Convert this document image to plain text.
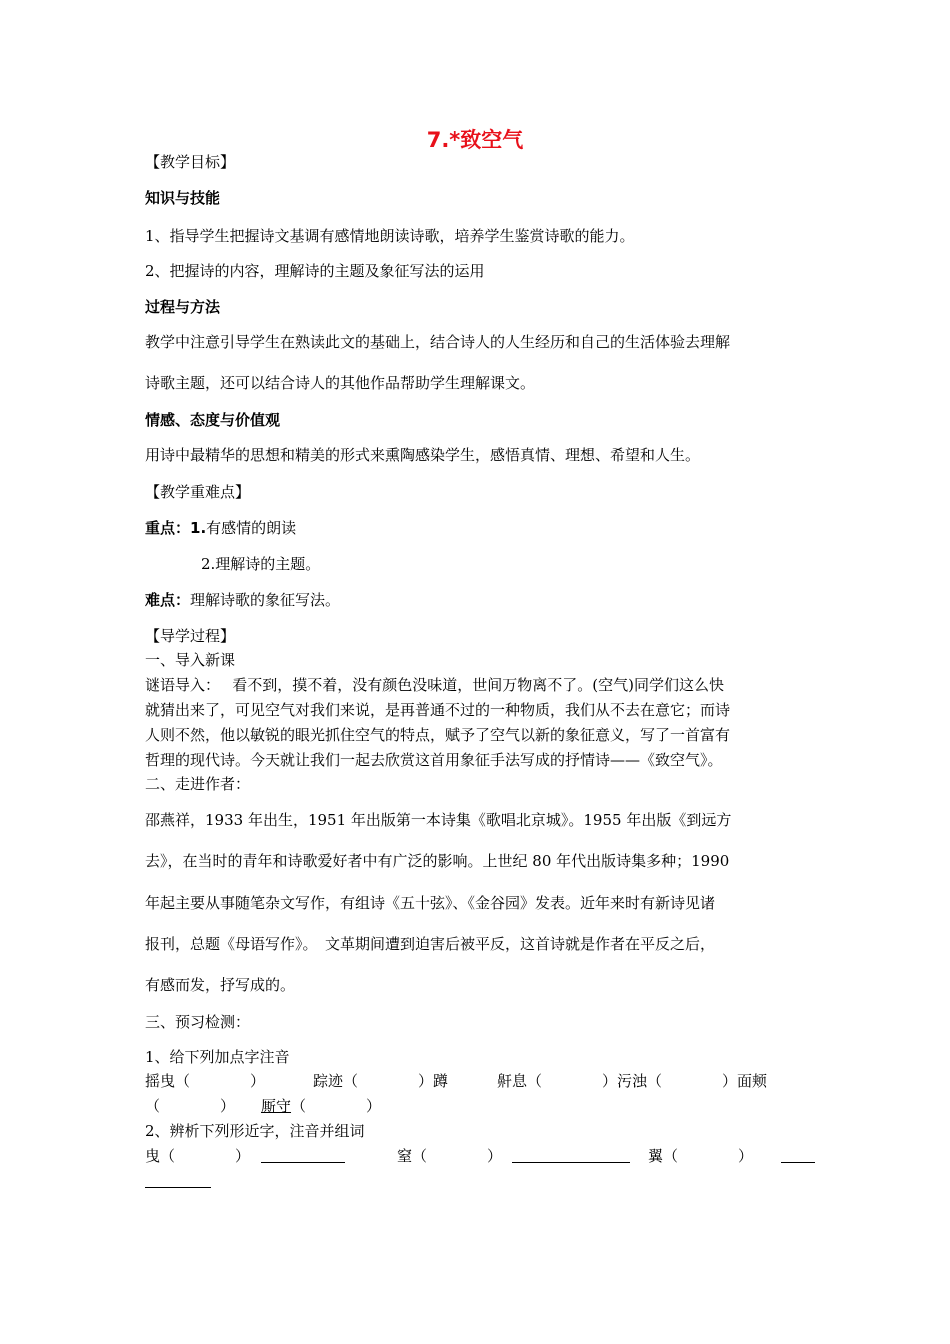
7.*致空气
【教学目标】
知识与技能
1、指导学生把握诗文基调有感情地朗读诗歌，培养学生鉴赏诗歌的能力。
2、把握诗的内容，理解诗的主题及象征写法的运用
过程与方法
教学中注意引导学生在熟读此文的基础上，结合诗人的人生经历和自己的生活体验去理解
诗歌主题，还可以结合诗人的其他作品帮助学生理解课文。
情感、态度与价值观
用诗中最精华的思想和精美的形式来熏陶感染学生，感悟真情、理想、希望和人生。
【教学重难点】
重点：1.有感情的朗读
2.理解诗的主题。
难点：理解诗歌的象征写法。
【导学过程】
一、导入新课
谜语导入：　 看不到，摸不着，没有颜色没味道，世间万物离不了。(空气)同学们这么快
就猜出来了，可见空气对我们来说，是再普通不过的一种物质，我们从不去在意它；而诗
人则不然，他以敏锐的眼光抓住空气的特点，赋予了空气以新的象征意义，写了一首富有
哲理的现代诗。今天就让我们一起去欣赏这首用象征手法写成的抒情诗——《致空气》。
二、走进作者：
邵燕祥，1933 年出生，1951 年出版第一本诗集《歌唱北京城》。1955 年出版《到远方
去》，在当时的青年和诗歌爱好者中有广泛的影响。上世纪 80 年代出版诗集多种；1990
年起主要从事随笔杂文写作，有组诗《五十弦》、《金谷园》发表。近年来时有新诗见诸
报刊，总题《母语写作》。　文革期间遭到迫害后被平反，这首诗就是作者在平反之后，
有感而发，抒写成的。
三、预习检测：
1、给下列加点字注音
摇曳（　　　　）	踪迹（　　　　）蹲	鼾息（　　　　）污浊（　　　　）面颊
（　　　　） 厮守 （　　　　）
2、辨析下列形近字，注音并组词
曳（　　　　）	窒（　　　　）	翼（　　　　）
